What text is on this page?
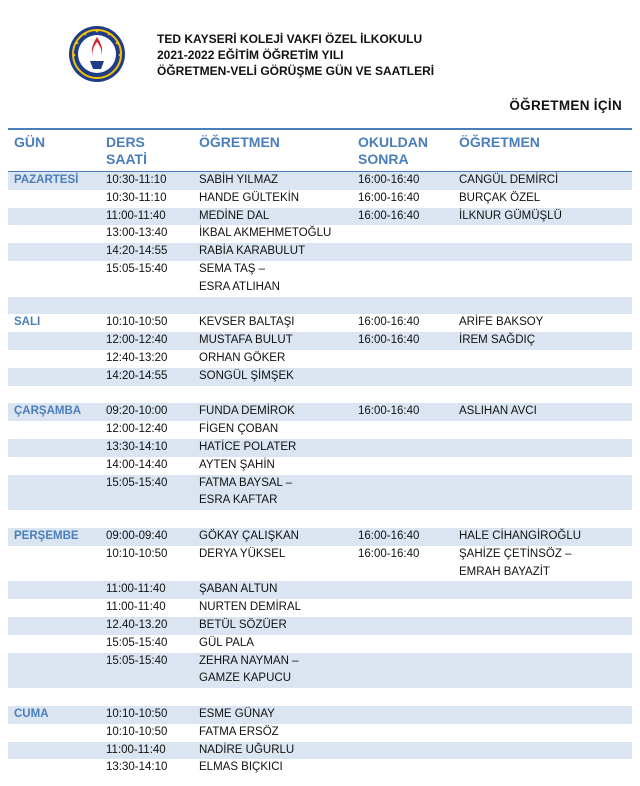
TED KAYSERİ KOLEJİ VAKFI ÖZEL İLKOKULU
2021-2022 EĞİTİM ÖĞRETİM YILI
ÖĞRETMEN-VELİ GÖRÜŞME GÜN VE SAATLERİ
ÖĞRETMEN İÇİN
GÜN	DERS
SAATİ
ÖĞRETMEN	OKULDAN
SONRA
ÖĞRETMEN
PAZARTESİ 10:30-11:10	SABİH YILMAZ	16:00-16:40	CANGÜL DEMİRCİ
10:30-11:10	HANDE GÜLTEKİN	16:00-16:40	BURÇAK ÖZEL
11:00-11:40	MEDİNE DAL	16:00-16:40	İLKNUR GÜMÜŞLÜ
13:00-13:40	İKBAL AKMEHMETOĞLU
14:20-14:55	RABİA KARABULUT
15:05-15:40	SEMA TAŞ –
ESRA ATLIHAN
SALI	10:10-10:50	KEVSER BALTAŞI	16:00-16:40	ARİFE BAKSOY
12:00-12:40	MUSTAFA BULUT	16:00-16:40	İREM SAĞDIÇ
12:40-13:20	ORHAN GÖKER
14:20-14:55	SONGÜL ŞİMŞEK
ÇARŞAMBA 09:20-10:00	FUNDA DEMİROK	16:00-16:40	ASLIHAN AVCI
12:00-12:40	FİGEN ÇOBAN
13:30-14:10	HATİCE POLATER
14:00-14:40	AYTEN ŞAHİN
15:05-15:40	FATMA BAYSAL –
ESRA KAFTAR
PERŞEMBE 09:00-09:40	GÖKAY ÇALIŞKAN	16:00-16:40	HALE CİHANGİROĞLU
10:10-10:50	DERYA YÜKSEL	16:00-16:40	ŞAHİZE ÇETİNSÖZ –
EMRAH BAYAZİT
11:00-11:40	ŞABAN ALTUN
11:00-11:40	NURTEN DEMİRAL
12.40-13.20	BETÜL SÖZÜER
15:05-15:40	GÜL PALA
15:05-15:40	ZEHRA NAYMAN –
GAMZE KAPUCU
CUMA	10:10-10:50	ESME GÜNAY
10:10-10:50	FATMA ERSÖZ
11:00-11:40	NADİRE UĞURLU
13:30-14:10	ELMAS BIÇKICI
